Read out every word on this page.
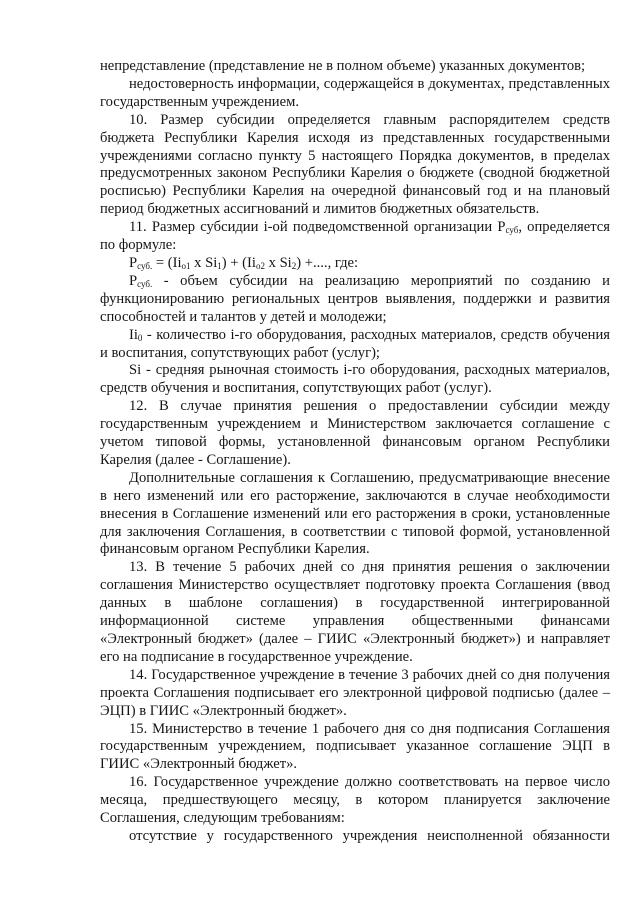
непредставление (представление не в полном объеме) указанных документов;

недостоверность информации, содержащейся в документах, представленных государственным учреждением.

10. Размер субсидии определяется главным распорядителем средств бюджета Республики Карелия исходя из представленных государственными учреждениями согласно пункту 5 настоящего Порядка документов, в пределах предусмотренных законом Республики Карелия о бюджете (сводной бюджетной росписью) Республики Карелия на очередной финансовый год и на плановый период бюджетных ассигнований и лимитов бюджетных обязательств.

11. Размер субсидии i-ой подведомственной организации $P_{суб}$, определяется по формуле:

$P_{суб.} = (Ii_{o1}$ x $Si_1) + (Ii_{o2}$ x $Si_2$) +...., где:

$P_{суб.}$ - объем субсидии на реализацию мероприятий по созданию и функционированию региональных центров выявления, поддержки и развития способностей и талантов у детей и молодежи;

$Ii_0$ - количество i-го оборудования, расходных материалов, средств обучения и воспитания, сопутствующих работ (услуг);

Si - средняя рыночная стоимость i-го оборудования, расходных материалов, средств обучения и воспитания, сопутствующих работ (услуг).

12. В случае принятия решения о предоставлении субсидии между государственным учреждением и Министерством заключается соглашение с учетом типовой формы, установленной финансовым органом Республики Карелия (далее - Соглашение).

Дополнительные соглашения к Соглашению, предусматривающие внесение в него изменений или его расторжение, заключаются в случае необходимости внесения в Соглашение изменений или его расторжения в сроки, установленные для заключения Соглашения, в соответствии с типовой формой, установленной финансовым органом Республики Карелия.

13. В течение 5 рабочих дней со дня принятия решения о заключении соглашения Министерство осуществляет подготовку проекта Соглашения (ввод данных в шаблоне соглашения) в государственной интегрированной информационной системе управления общественными финансами «Электронный бюджет» (далее – ГИИС «Электронный бюджет») и направляет его на подписание в государственное учреждение.

14. Государственное учреждение в течение 3 рабочих дней со дня получения проекта Соглашения подписывает его электронной цифровой подписью (далее – ЭЦП) в ГИИС «Электронный бюджет».

15. Министерство в течение 1 рабочего дня со дня подписания Соглашения государственным учреждением, подписывает указанное соглашение ЭЦП в ГИИС «Электронный бюджет».

16. Государственное учреждение должно соответствовать на первое число месяца, предшествующего месяцу, в котором планируется заключение Соглашения, следующим требованиям:

отсутствие у государственного учреждения неисполненной обязанности
